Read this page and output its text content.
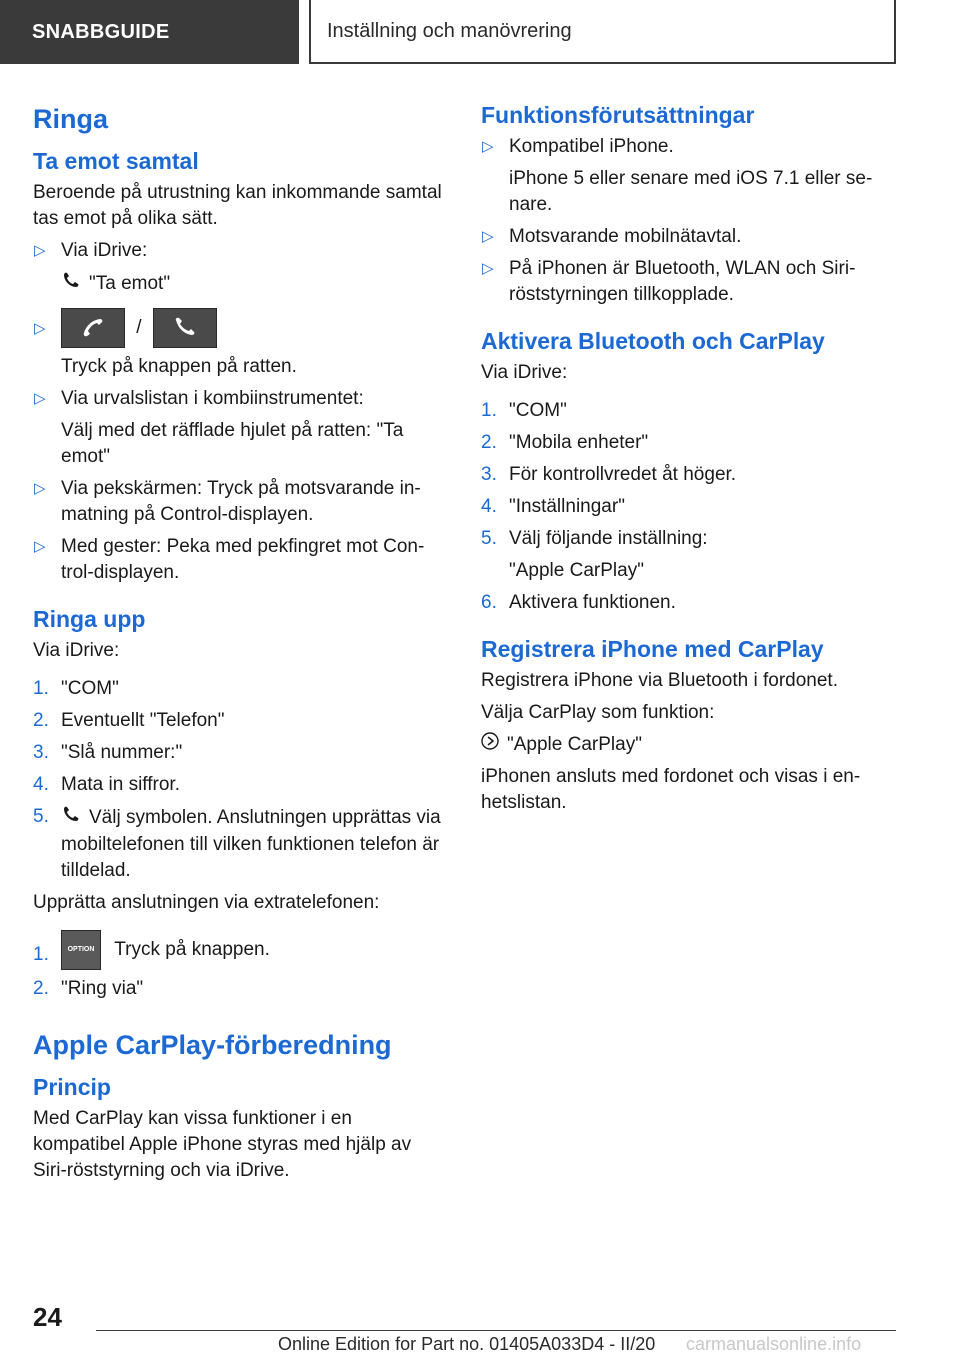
SNABBGUIDE	Inställning och manövrering
Ringa
Ta emot samtal

Beroende på utrustning kan inkommande samtal tas emot på olika sätt.

▷ Via iDrive:
"Ta emot"
▷	/
Tryck på knappen på ratten.
▷ Via urvalslistan i kombiinstrumentet:
Välj med det räfflade hjulet på ratten: "Ta emot"
▷ Via pekskärmen: Tryck på motsvarande inmatning på Control-displayen.
▷ Med gester: Peka med pekfingret mot Control-displayen.
Ringa upp

Via iDrive:

1. "COM"
2. Eventuellt "Telefon"
3. "Slå nummer:"
4. Mata in siffror.
5. Välj symbolen. Anslutningen upprättas via mobiltelefonen till vilken funktionen telefon är tilldelad.

Upprätta anslutningen via extratelefonen:

1.	OPTION Tryck på knappen.
2. "Ring via"
Apple CarPlay-förberedning
Princip

Med CarPlay kan vissa funktioner i en kompatibel Apple iPhone styras med hjälp av Siri-röststyrning och via iDrive.

Funktionsförutsättningar
▷ Kompatibel iPhone.
iPhone 5 eller senare med iOS 7.1 eller senare.
▷ Motsvarande mobilnätavtal.
▷ På iPhonen är Bluetooth, WLAN och Siri-röststyrningen tillkopplade.
Aktivera Bluetooth och CarPlay

Via iDrive:

1. "COM"
2. "Mobila enheter"
3. För kontrollvredet åt höger.
4. "Inställningar"
5. Välj följande inställning:
"Apple CarPlay"
6. Aktivera funktionen.
Registrera iPhone med CarPlay

Registrera iPhone via Bluetooth i fordonet.

Välja CarPlay som funktion:

"Apple CarPlay"

iPhonen ansluts med fordonet och visas i enhetslistan.

24
Online Edition for Part no. 01405A033D4 - II/20 carmanualsonline.info
